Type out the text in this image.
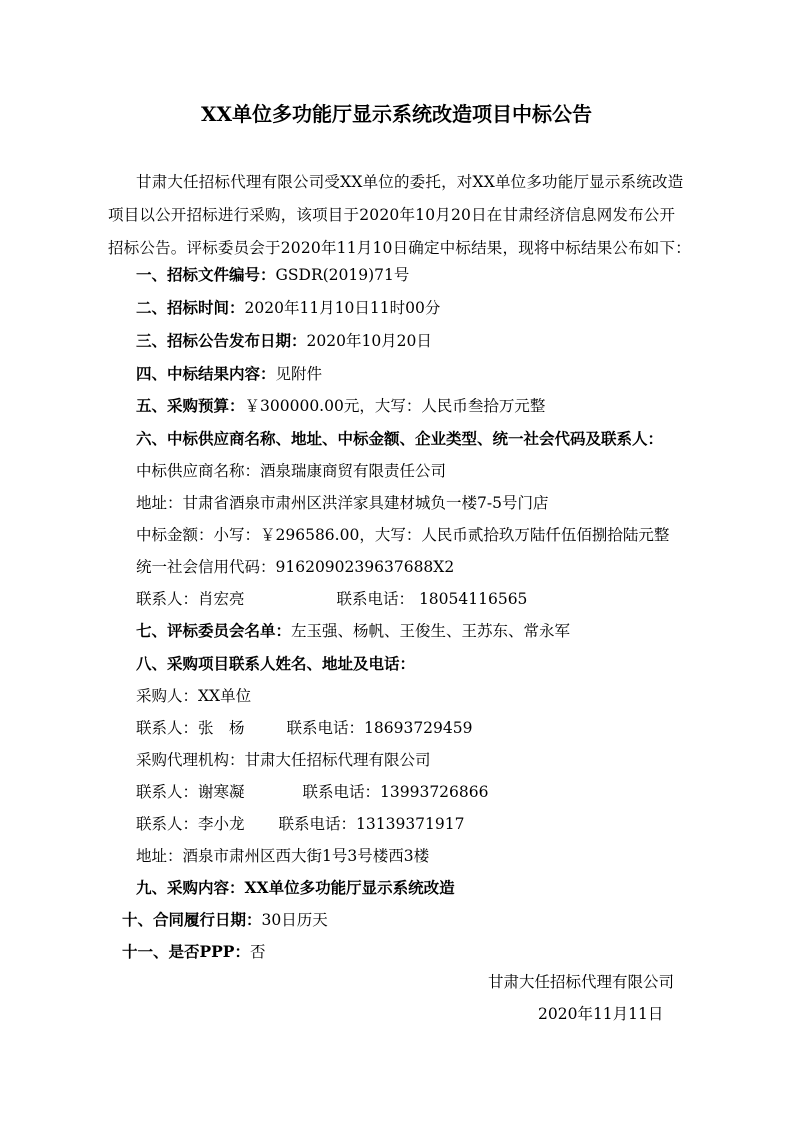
XX单位多功能厅显示系统改造项目中标公告
甘肃大任招标代理有限公司受XX单位的委托，对XX单位多功能厅显示系统改造
项目以公开招标进行采购，该项目于2020年10月20日在甘肃经济信息网发布公开
招标公告。评标委员会于2020年11月10日确定中标结果，现将中标结果公布如下：
一、招标文件编号：GSDR(2019)71号
二、招标时间：2020年11月10日11时00分
三、招标公告发布日期：2020年10月20日
四、中标结果内容：见附件
五、采购预算：￥300000.00元，大写：人民币叁拾万元整
六、中标供应商名称、地址、中标金额、企业类型、统一社会代码及联系人：
中标供应商名称：酒泉瑞康商贸有限责任公司
地址：甘肃省酒泉市肃州区洪洋家具建材城负一楼7-5号门店
中标金额：小写：￥296586.00，大写：人民币贰拾玖万陆仟伍佰捌拾陆元整
统一社会信用代码：9162090239637688X2
联系人：肖宏亮	联系电话： 18054116565
七、评标委员会名单：左玉强、杨帆、王俊生、王苏东、常永军
八、采购项目联系人姓名、地址及电话：
采购人：XX单位
联系人：张　杨	联系电话：18693729459
采购代理机构：甘肃大任招标代理有限公司
联系人：谢寒凝	联系电话：13993726866
联系人：李小龙 联系电话：13139371917
地址：酒泉市肃州区西大街1号3号楼西3楼
九、采购内容：XX单位多功能厅显示系统改造
十、合同履行日期：30日历天
十一、是否PPP：否
甘肃大任招标代理有限公司
2020年11月11日
